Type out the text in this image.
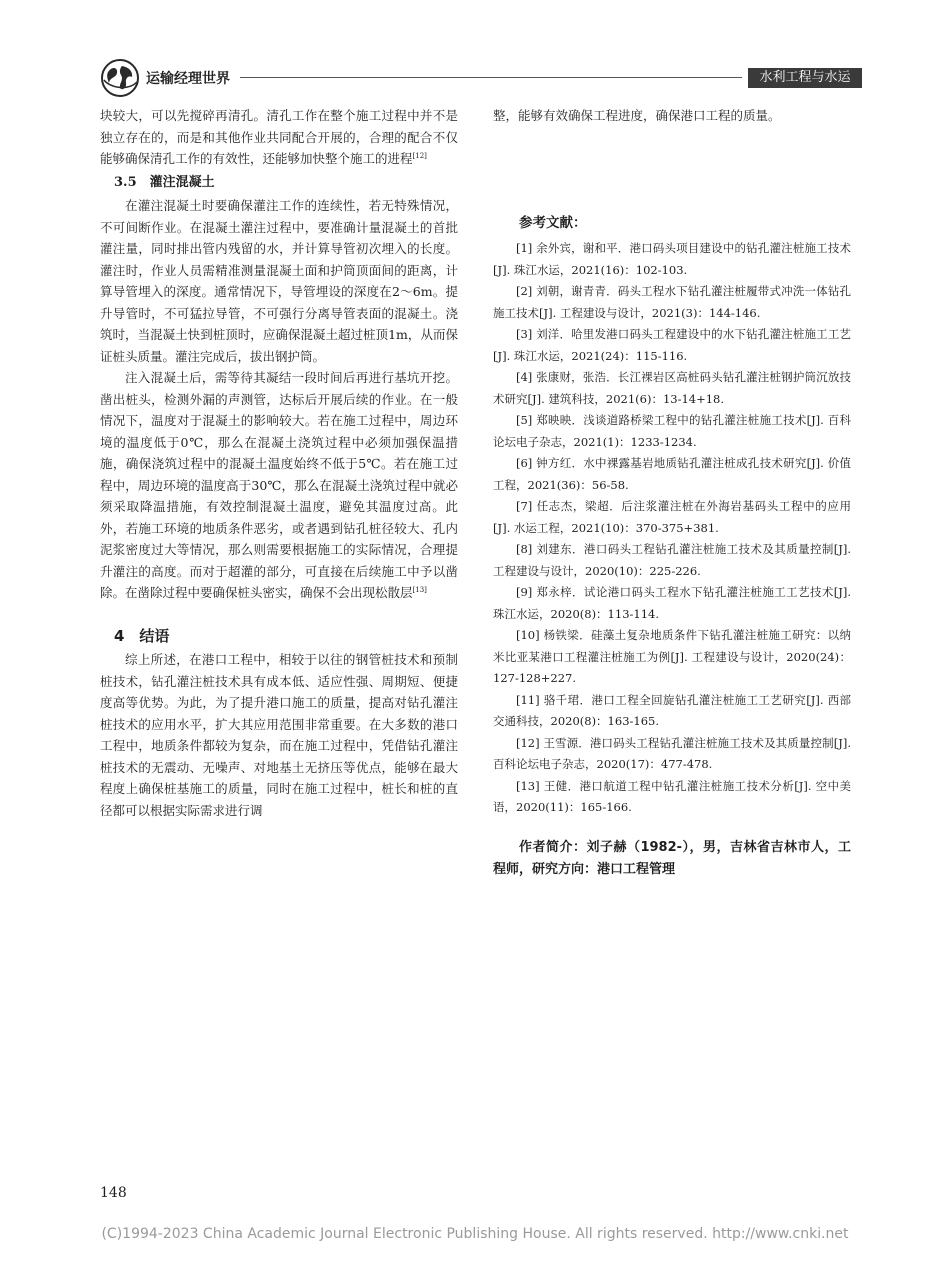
运输经理世界	水利工程与水运

块较大，可以先搅碎再清孔。清孔工作在整个施工过程中并不是独立存在的，而是和其他作业共同配合开展的，合理的配合不仅能够确保清孔工作的有效性，还能够加快整个施工的进程[12]

3.5　灌注混凝土

在灌注混凝土时要确保灌注工作的连续性，若无特殊情况，不可间断作业。在混凝土灌注过程中，要准确计量混凝土的首批灌注量，同时排出管内残留的水，并计算导管初次埋入的长度。灌注时，作业人员需精准测量混凝土面和护筒顶面间的距离，计算导管埋入的深度。通常情况下，导管埋设的深度在2～6m。提升导管时，不可猛拉导管，不可强行分离导管表面的混凝土。浇筑时，当混凝土快到桩顶时，应确保混凝土超过桩顶1m，从而保证桩头质量。灌注完成后，拔出钢护筒。

注入混凝土后，需等待其凝结一段时间后再进行基坑开挖。凿出桩头，检测外漏的声测管，达标后开展后续的作业。在一般情况下，温度对于混凝土的影响较大。若在施工过程中，周边环境的温度低于0℃，那么在混凝土浇筑过程中必须加强保温措施，确保浇筑过程中的混凝土温度始终不低于5℃。若在施工过程中，周边环境的温度高于30℃，那么在混凝土浇筑过程中就必须采取降温措施，有效控制混凝土温度，避免其温度过高。此外，若施工环境的地质条件恶劣，或者遇到钻孔桩径较大、孔内泥浆密度过大等情况，那么则需要根据施工的实际情况，合理提升灌注的高度。而对于超灌的部分，可直接在后续施工中予以凿除。在凿除过程中要确保桩头密实，确保不会出现松散层[13]

4　结语

综上所述，在港口工程中，相较于以往的钢管桩技术和预制桩技术，钻孔灌注桩技术具有成本低、适应性强、周期短、便捷度高等优势。为此，为了提升港口施工的质量，提高对钻孔灌注桩技术的应用水平，扩大其应用范围非常重要。在大多数的港口工程中，地质条件都较为复杂，而在施工过程中，凭借钻孔灌注桩技术的无震动、无噪声、对地基土无挤压等优点，能够在最大程度上确保桩基施工的质量，同时在施工过程中，桩长和桩的直径都可以根据实际需求进行调

整，能够有效确保工程进度，确保港口工程的质量。

参考文献：

[1] 余外宾，谢和平．港口码头项目建设中的钻孔灌注桩施工技术[J]. 珠江水运，2021(16)：102-103.

[2] 刘朝，谢青青．码头工程水下钻孔灌注桩履带式冲洗一体钻孔施工技术[J]. 工程建设与设计，2021(3)：144-146.

[3] 刘洋．哈里发港口码头工程建设中的水下钻孔灌注桩施工工艺[J]. 珠江水运，2021(24)：115-116.

[4] 张康财，张浩．长江裸岩区高桩码头钻孔灌注桩钢护筒沉放技术研究[J]. 建筑科技，2021(6)：13-14+18.

[5] 郑映映．浅谈道路桥梁工程中的钻孔灌注桩施工技术[J]. 百科论坛电子杂志，2021(1)：1233-1234.

[6] 钟方红．水中裸露基岩地质钻孔灌注桩成孔技术研究[J]. 价值工程，2021(36)：56-58.

[7] 任志杰，梁超．后注浆灌注桩在外海岩基码头工程中的应用[J]. 水运工程，2021(10)：370-375+381.

[8] 刘建东．港口码头工程钻孔灌注桩施工技术及其质量控制[J]. 工程建设与设计，2020(10)：225-226.

[9] 郑永梓．试论港口码头工程水下钻孔灌注桩施工工艺技术[J]. 珠江水运，2020(8)：113-114.

[10] 杨铁梁．硅藻土复杂地质条件下钻孔灌注桩施工研究：以纳米比亚某港口工程灌注桩施工为例[J]. 工程建设与设计，2020(24)：127-128+227.

[11] 骆千珺．港口工程全回旋钻孔灌注桩施工工艺研究[J]. 西部交通科技，2020(8)：163-165.

[12] 王雪源．港口码头工程钻孔灌注桩施工技术及其质量控制[J]. 百科论坛电子杂志，2020(17)：477-478.

[13] 王健．港口航道工程中钻孔灌注桩施工技术分析[J]. 空中美语，2020(11)：165-166.

作者简介：刘子赫（1982-），男，吉林省吉林市人，工程师，研究方向：港口工程管理

148
(C)1994-2023 China Academic Journal Electronic Publishing House. All rights reserved. http://www.cnki.net
